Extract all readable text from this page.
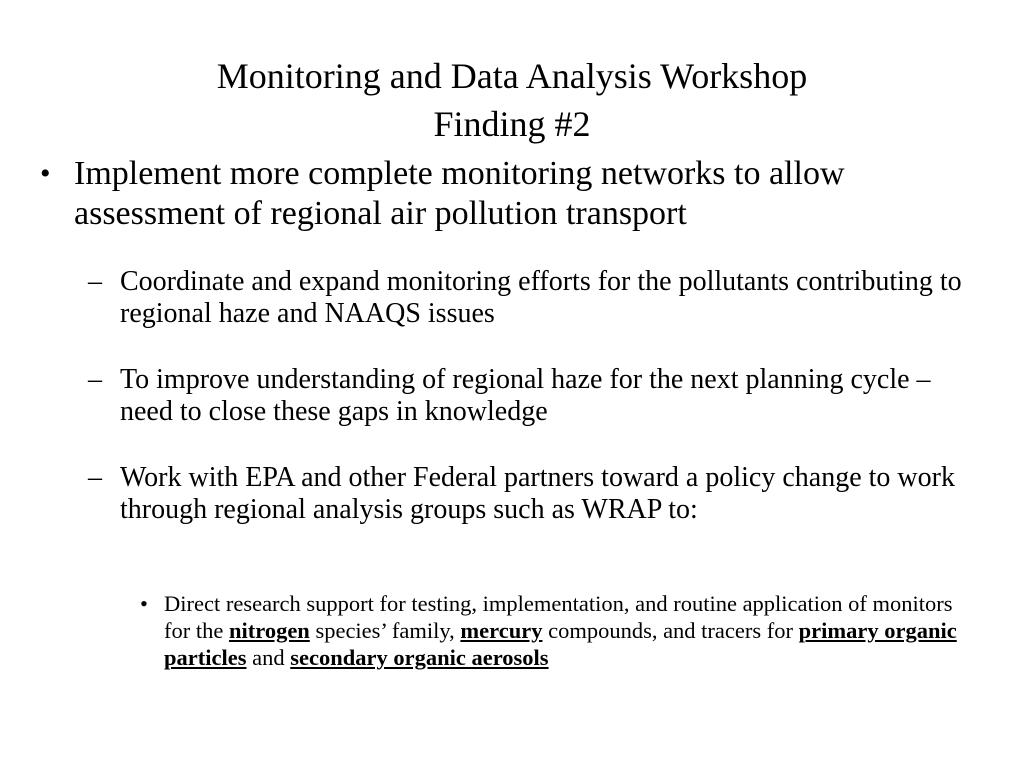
Monitoring and Data Analysis Workshop
Finding #2
• Implement more complete monitoring networks to allow assessment of regional air pollution transport
– Coordinate and expand monitoring efforts for the pollutants contributing to regional haze and NAAQS issues
– To improve understanding of regional haze for the next planning cycle – need to close these gaps in knowledge
– Work with EPA and other Federal partners toward a policy change to work through regional analysis groups such as WRAP to:
• Direct research support for testing, implementation, and routine application of monitors for the nitrogen species’ family, mercury compounds, and tracers for primary organic particles and secondary organic aerosols
